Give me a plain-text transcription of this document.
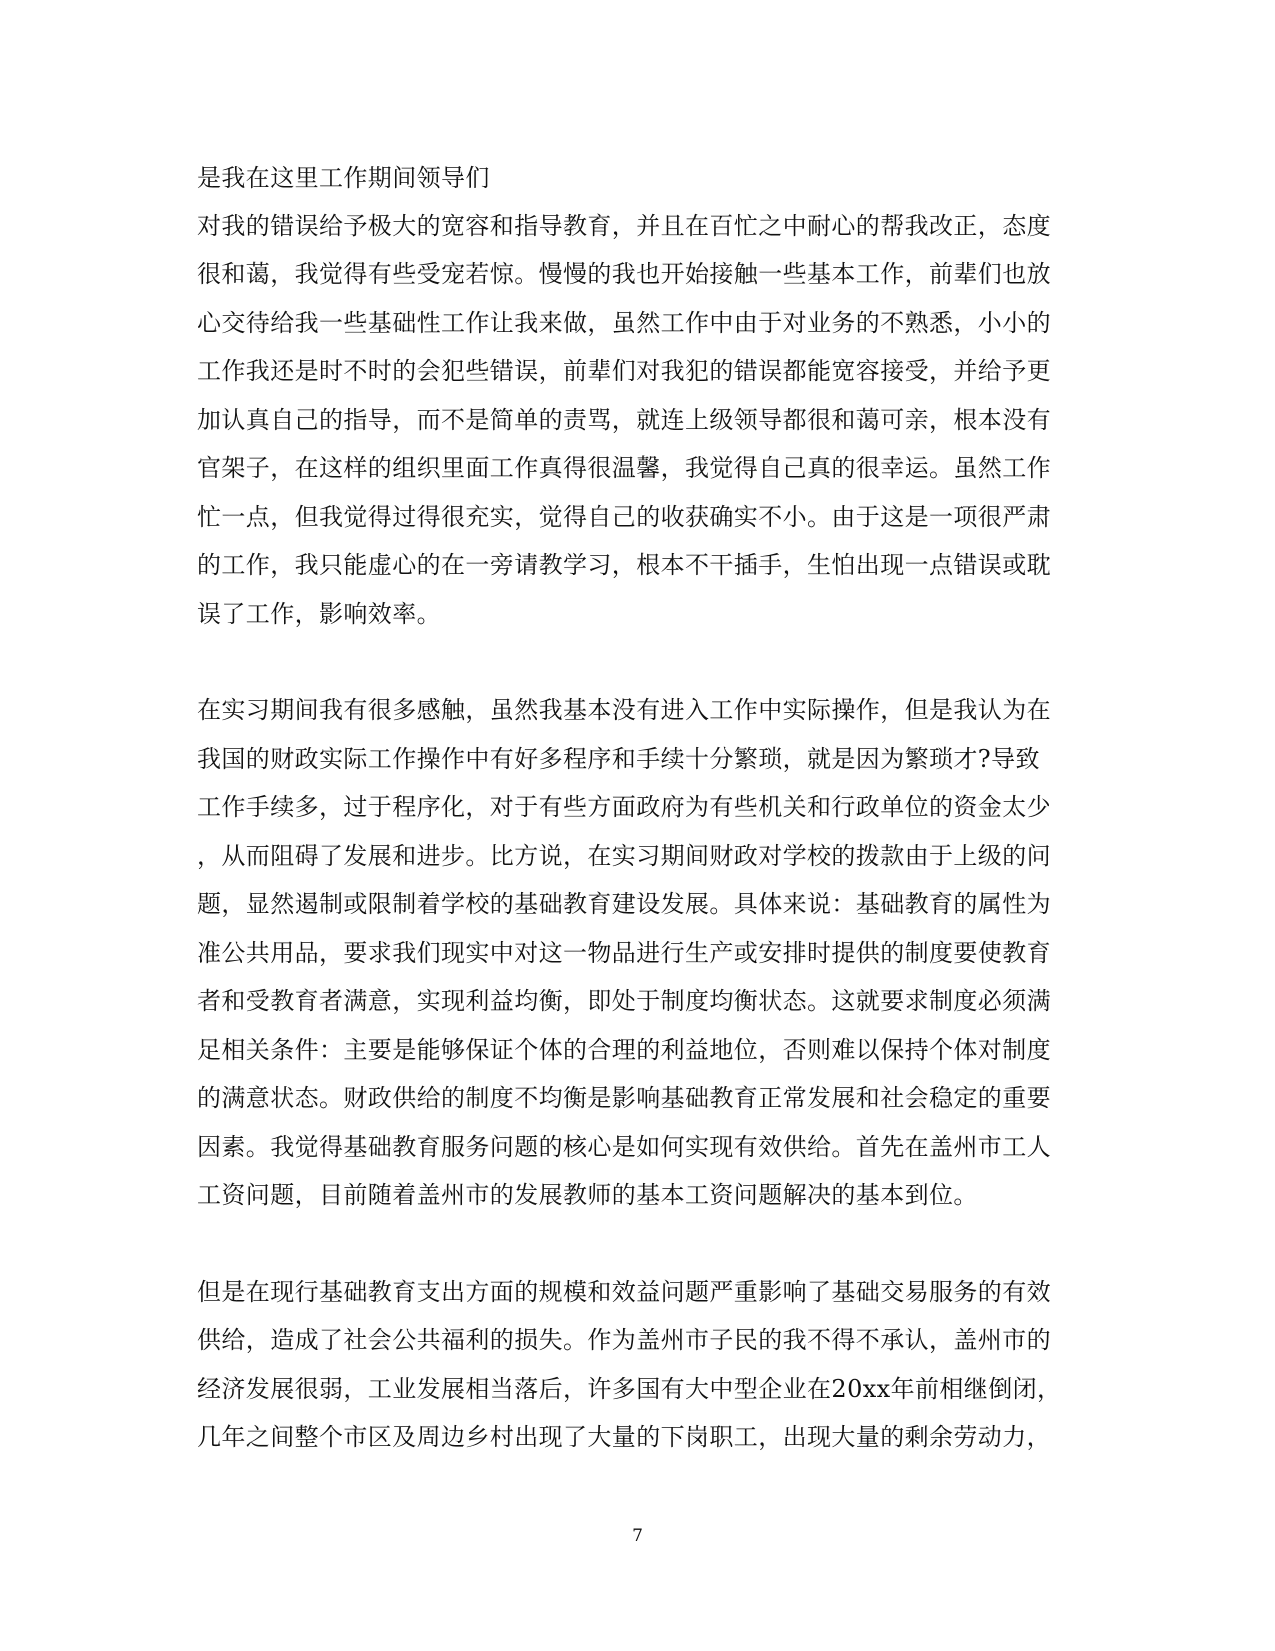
是我在这里工作期间领导们
对我的错误给予极大的宽容和指导教育，并且在百忙之中耐心的帮我改正，态度
很和蔼，我觉得有些受宠若惊。慢慢的我也开始接触一些基本工作，前辈们也放
心交待给我一些基础性工作让我来做，虽然工作中由于对业务的不熟悉，小小的
工作我还是时不时的会犯些错误，前辈们对我犯的错误都能宽容接受，并给予更
加认真自己的指导，而不是简单的责骂，就连上级领导都很和蔼可亲，根本没有
官架子，在这样的组织里面工作真得很温馨，我觉得自己真的很幸运。虽然工作
忙一点，但我觉得过得很充实，觉得自己的收获确实不小。由于这是一项很严肃
的工作，我只能虚心的在一旁请教学习，根本不干插手，生怕出现一点错误或耽
误了工作，影响效率。
在实习期间我有很多感触，虽然我基本没有进入工作中实际操作，但是我认为在
我国的财政实际工作操作中有好多程序和手续十分繁琐，就是因为繁琐才?导致
工作手续多，过于程序化，对于有些方面政府为有些机关和行政单位的资金太少
，从而阻碍了发展和进步。比方说，在实习期间财政对学校的拨款由于上级的问
题，显然遏制或限制着学校的基础教育建设发展。具体来说：基础教育的属性为
准公共用品，要求我们现实中对这一物品进行生产或安排时提供的制度要使教育
者和受教育者满意，实现利益均衡，即处于制度均衡状态。这就要求制度必须满
足相关条件：主要是能够保证个体的合理的利益地位，否则难以保持个体对制度
的满意状态。财政供给的制度不均衡是影响基础教育正常发展和社会稳定的重要
因素。我觉得基础教育服务问题的核心是如何实现有效供给。首先在盖州市工人
工资问题，目前随着盖州市的发展教师的基本工资问题解决的基本到位。
但是在现行基础教育支出方面的规模和效益问题严重影响了基础交易服务的有效
供给，造成了社会公共福利的损失。作为盖州市子民的我不得不承认，盖州市的
经济发展很弱，工业发展相当落后，许多国有大中型企业在20xx年前相继倒闭，
几年之间整个市区及周边乡村出现了大量的下岗职工，出现大量的剩余劳动力，
7
